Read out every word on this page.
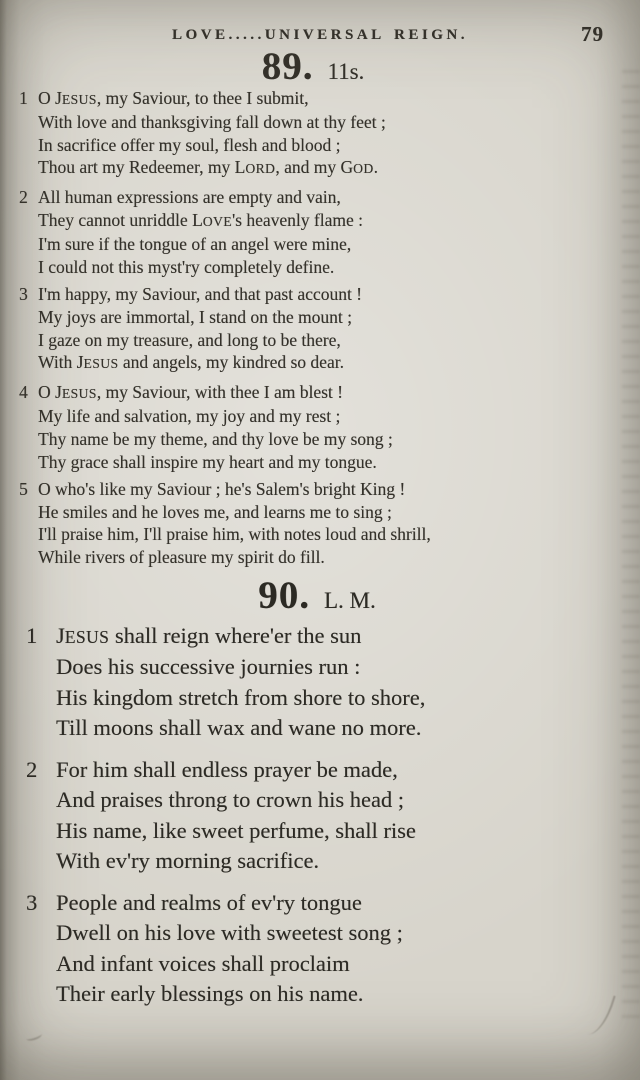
LOVE.....UNIVERSAL REIGN.	79
89. 11s.
1 O JESUS, my Saviour, to thee I submit,
With love and thanksgiving fall down at thy feet ;
In sacrifice offer my soul, flesh and blood ;
Thou art my Redeemer, my LORD, and my GOD.
2 All human expressions are empty and vain,
They cannot unriddle LOVE's heavenly flame :
I'm sure if the tongue of an angel were mine,
I could not this myst'ry completely define.
3 I'm happy, my Saviour, and that past account !
My joys are immortal, I stand on the mount ;
I gaze on my treasure, and long to be there,
With JESUS and angels, my kindred so dear.
4 O JESUS, my Saviour, with thee I am blest !
My life and salvation, my joy and my rest ;
Thy name be my theme, and thy love be my song ;
Thy grace shall inspire my heart and my tongue.
5 O who's like my Saviour ; he's Salem's bright King !
He smiles and he loves me, and learns me to sing ;
I'll praise him, I'll praise him, with notes loud and shrill,
While rivers of pleasure my spirit do fill.
90. L. M.
1 JESUS shall reign where'er the sun
Does his successive journies run :
His kingdom stretch from shore to shore,
Till moons shall wax and wane no more.
2 For him shall endless prayer be made,
And praises throng to crown his head ;
His name, like sweet perfume, shall rise
With ev'ry morning sacrifice.
3 People and realms of ev'ry tongue
Dwell on his love with sweetest song ;
And infant voices shall proclaim
Their early blessings on his name.
